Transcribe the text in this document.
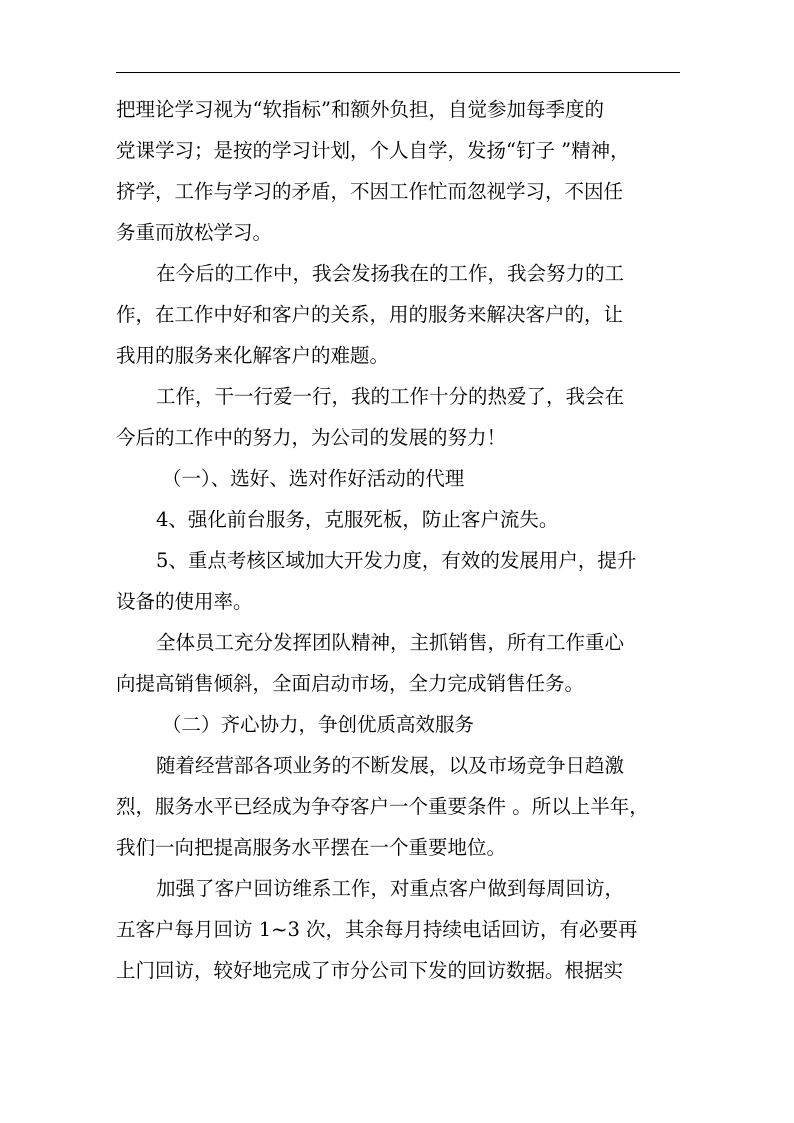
把理论学习视为“软指标”和额外负担，自觉参加每季度的
党课学习；是按的学习计划，个人自学，发扬“钉子 ”精神，
挤学，工作与学习的矛盾，不因工作忙而忽视学习，不因任
务重而放松学习。
在今后的工作中，我会发扬我在的工作，我会努力的工
作，在工作中好和客户的关系，用的服务来解决客户的，让
我用的服务来化解客户的难题。
工作，干一行爱一行，我的工作十分的热爱了，我会在
今后的工作中的努力，为公司的发展的努力！
（一）、选好、选对作好活动的代理
4、强化前台服务，克服死板，防止客户流失。
5、重点考核区域加大开发力度，有效的发展用户，提升
设备的使用率。
全体员工充分发挥团队精神，主抓销售，所有工作重心
向提高销售倾斜，全面启动市场，全力完成销售任务。
（二）齐心协力，争创优质高效服务
随着经营部各项业务的不断发展，以及市场竞争日趋激
烈，服务水平已经成为争夺客户一个重要条件 。所以上半年，
我们一向把提高服务水平摆在一个重要地位。
加强了客户回访维系工作，对重点客户做到每周回访，
五客户每月回访 1~3 次，其余每月持续电话回访，有必要再
上门回访，较好地完成了市分公司下发的回访数据。根据实
